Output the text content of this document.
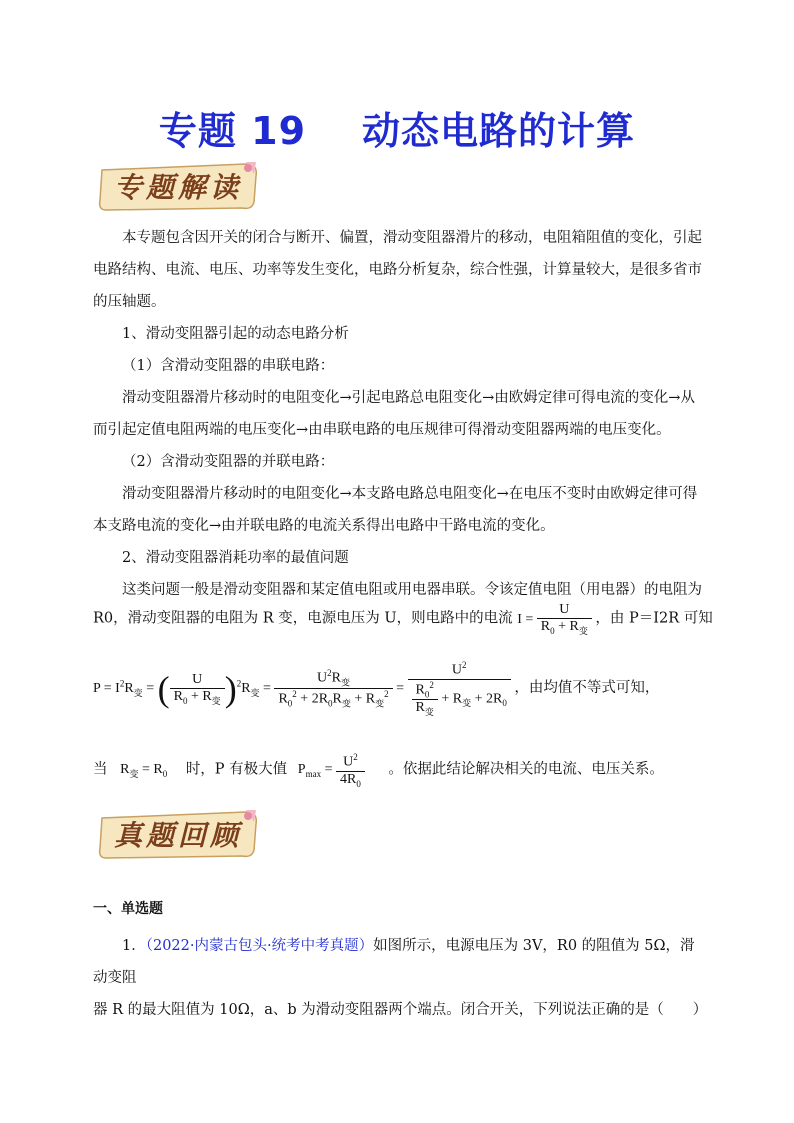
专题 19 动态电路的计算
专题解读
本专题包含因开关的闭合与断开、偏置，滑动变阻器滑片的移动，电阻箱阻值的变化，引起电路结构、电流、电压、功率等发生变化，电路分析复杂，综合性强，计算量较大，是很多省市的压轴题。
1、滑动变阻器引起的动态电路分析
（1）含滑动变阻器的串联电路：
滑动变阻器滑片移动时的电阻变化→引起电路总电阻变化→由欧姆定律可得电流的变化→从而引起定值电阻两端的电压变化→由串联电路的电压规律可得滑动变阻器两端的电压变化。
（2）含滑动变阻器的并联电路：
滑动变阻器滑片移动时的电阻变化→本支路电路总电阻变化→在电压不变时由欧姆定律可得本支路电流的变化→由并联电路的电流关系得出电路中干路电流的变化。
2、滑动变阻器消耗功率的最值问题
这类问题一般是滑动变阻器和某定值电阻或用电器串联。令该定值电阻（用电器）的电阻为
R0，滑动变阻器的电阻为 R 变，电源电压为 U，则电路中的电流 $I = \frac{U}{R_0 + R_变}$ ，由 P＝I2R 可知
$P = I^2R_变$ = ( $\frac{U}{R_0 + R_变} )^2R_变 = \frac{U^2R_变}{R_0^2 + 2R_0R_变 + R_变^2} = \frac{U^2}{\frac{R_0^2}{R_变} + R_变 + 2R_0}$ ，由均值不等式可知，
当 $R_变 = R_0$ 时，P 有极大值 $P_{max} = \frac{U^2}{4R_0}$ 。依据此结论解决相关的电流、电压关系。
真题回顾
一、单选题
1．（2022·内蒙古包头·统考中考真题）如图所示，电源电压为 3V，R0 的阻值为 5Ω，滑动变阻
器 R 的最大阻值为 10Ω，a、b 为滑动变阻器两个端点。闭合开关，下列说法正确的是（　　）
